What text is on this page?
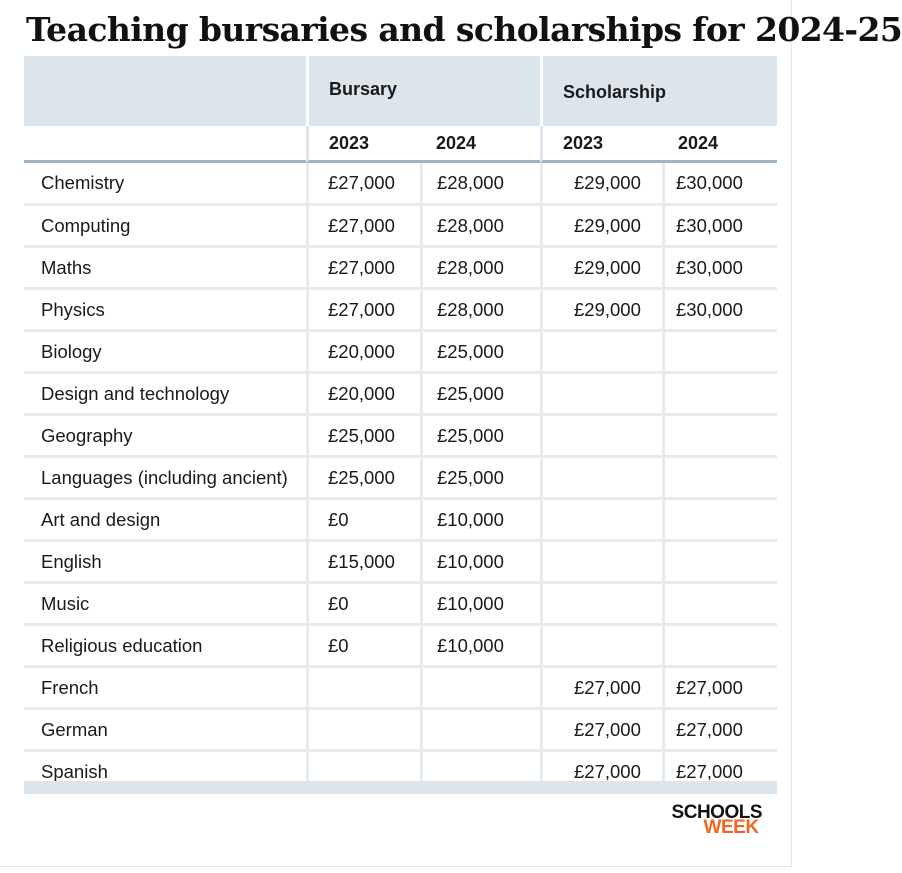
Teaching bursaries and scholarships for 2024-25
	Bursary		Scholarship	
	2023	2024	2023	2024
Chemistry	£27,000	£28,000	£29,000	£30,000
Computing	£27,000	£28,000	£29,000	£30,000
Maths	£27,000	£28,000	£29,000	£30,000
Physics	£27,000	£28,000	£29,000	£30,000
Biology	£20,000	£25,000		
Design and technology	£20,000	£25,000		
Geography	£25,000	£25,000		
Languages (including ancient)	£25,000	£25,000		
Art and design	£0	£10,000		
English	£15,000	£10,000		
Music	£0	£10,000		
Religious education	£0	£10,000		
French			£27,000	£27,000
German			£27,000	£27,000
Spanish			£27,000	£27,000
SCHOOLS
WEEK
